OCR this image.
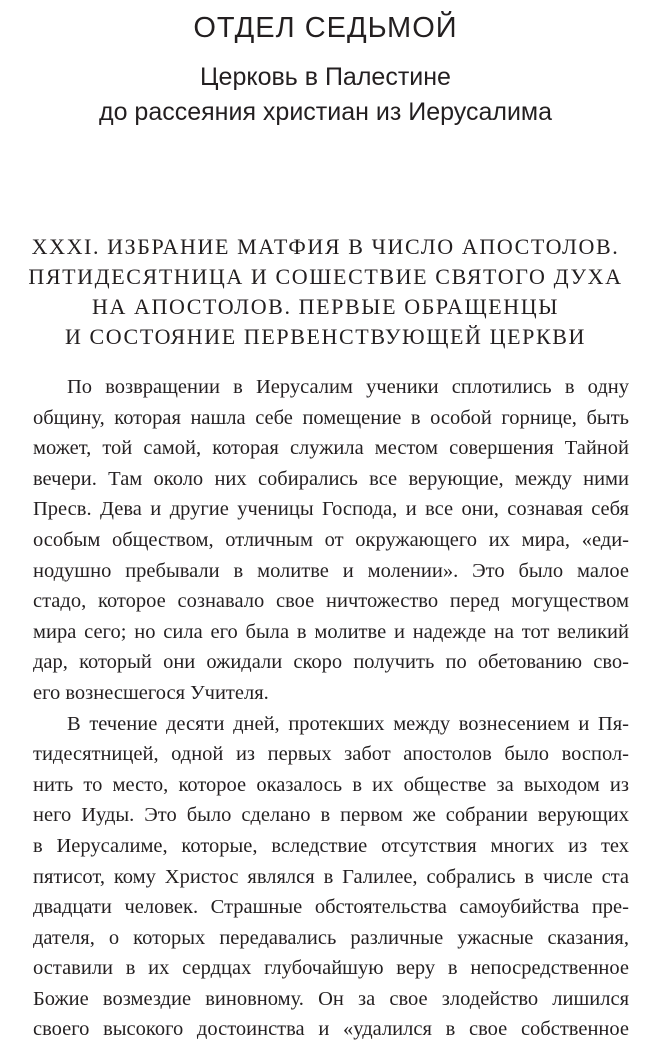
ОТДЕЛ СЕДЬМОЙ
Церковь в Палестине
до рассеяния христиан из Иерусалима
XXXI. ИЗБРАНИЕ МАТФИЯ В ЧИСЛО АПОСТОЛОВ.
ПЯТИДЕСЯТНИЦА И СОШЕСТВИЕ СВЯТОГО ДУХА
НА АПОСТОЛОВ. ПЕРВЫЕ ОБРАЩЕНЦЫ
И СОСТОЯНИЕ ПЕРВЕНСТВУЮЩЕЙ ЦЕРКВИ

По возвращении в Иерусалим ученики сплотились в одну
общину, которая нашла себе помещение в особой горнице, быть
может, той самой, которая служила местом совершения Тайной
вечери. Там около них собирались все верующие, между ними
Пресв. Дева и другие ученицы Господа, и все они, сознавая себя
особым обществом, отличным от окружающего их мира, «еди-
нодушно пребывали в молитве и молении». Это было малое
стадо, которое сознавало свое ничтожество перед могуществом
мира сего; но сила его была в молитве и надежде на тот великий
дар, который они ожидали скоро получить по обетованию сво-
его вознесшегося Учителя.

В течение десяти дней, протекших между вознесением и Пя-
тидесятницей, одной из первых забот апостолов было воспол-
нить то место, которое оказалось в их обществе за выходом из
него Иуды. Это было сделано в первом же собрании верующих
в Иерусалиме, которые, вследствие отсутствия многих из тех
пятисот, кому Христос являлся в Галилее, собрались в числе ста
двадцати человек. Страшные обстоятельства самоубийства пре-
дателя, о которых передавались различные ужасные сказания,
оставили в их сердцах глубочайшую веру в непосредственное
Божие возмездие виновному. Он за свое злодейство лишился
своего высокого достоинства и «удалился в свое собственное
